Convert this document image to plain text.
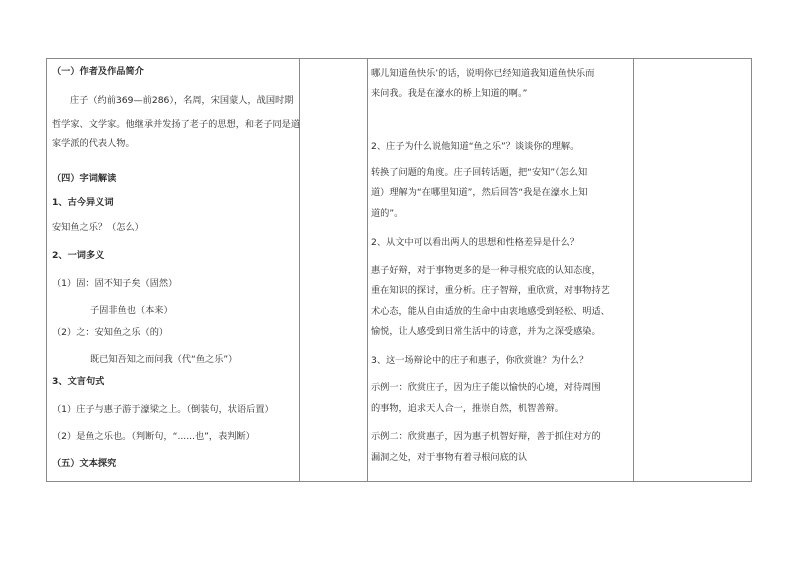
（一）作者及作品简介
庄子（约前369—前286），名周，宋国蒙人，战国时期
哲学家、文学家。他继承并发扬了老子的思想，和老子同是道
家学派的代表人物。
（四）字词解读
1、古今异义词
安知鱼之乐？（怎么）
2、一词多义
（1）固：固不知子矣（固然）
子固非鱼也（本来）
（2）之：安知鱼之乐（的）
既已知吾知之而问我（代“鱼之乐”）
3、文言句式
（1）庄子与惠子游于濠梁之上。（倒装句，状语后置）
（2）是鱼之乐也。（判断句，“......也”，表判断）
（五）文本探究
哪儿知道鱼快乐’的话，说明你已经知道我知道鱼快乐而
来问我。我是在濠水的桥上知道的啊。”
2、庄子为什么说他知道“鱼之乐”？谈谈你的理解。
转换了问题的角度。庄子回转话题，把“安知”（怎么知
道）理解为“在哪里知道”，然后回答“我是在濠水上知
道的”。
2、从文中可以看出两人的思想和性格差异是什么？
惠子好辩，对于事物更多的是一种寻根究底的认知态度，
重在知识的探讨，重分析。庄子智辩，重欣赏，对事物持艺
术心态，能从自由适放的生命中由衷地感受到轻松、明适、
愉悦，让人感受到日常生活中的诗意，并为之深受感染。
3、这一场辩论中的庄子和惠子，你欣赏谁？为什么？
示例一：欣赏庄子，因为庄子能以愉快的心境，对待周围
的事物，追求天人合一，推崇自然，机智善辩。
示例二：欣赏惠子，因为惠子机智好辩，善于抓住对方的
漏洞之处，对于事物有着寻根问底的认
